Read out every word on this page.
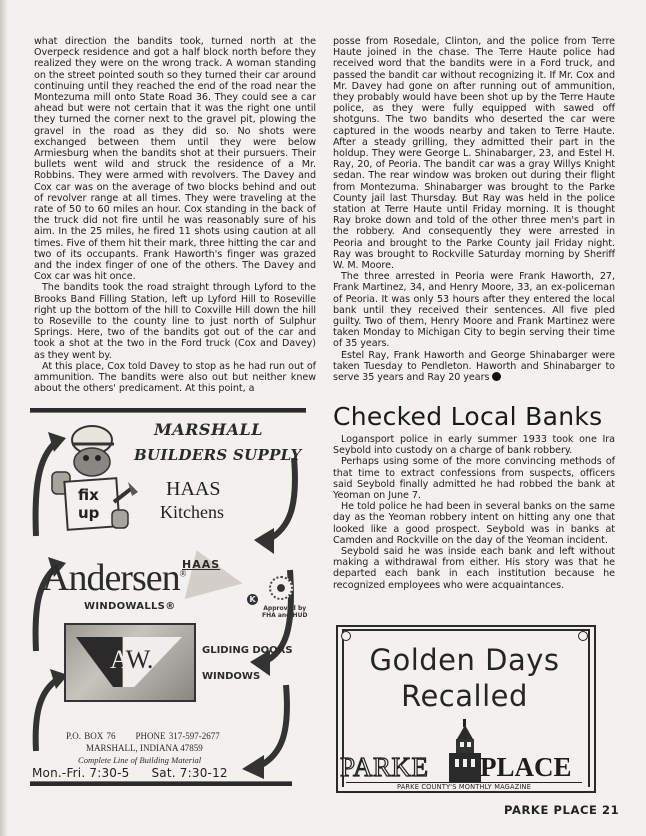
what direction the bandits took, turned north at the Overpeck residence and got a half block north before they realized they were on the wrong track. A woman standing on the street pointed south so they turned their car around continuing until they reached the end of the road near the Montezuma mill onto State Road 36. They could see a car ahead but were not certain that it was the right one until they turned the corner next to the gravel pit, plowing the gravel in the road as they did so. No shots were exchanged between them until they were below Armiesburg when the bandits shot at their pursuers. Their bullets went wild and struck the residence of a Mr. Robbins. They were armed with revolvers. The Davey and Cox car was on the average of two blocks behind and out of revolver range at all times. They were traveling at the rate of 50 to 60 miles an hour. Cox standing in the back of the truck did not fire until he was reasonably sure of his aim. In the 25 miles, he fired 11 shots using caution at all times. Five of them hit their mark, three hitting the car and two of its occupants. Frank Haworth's finger was grazed and the index finger of one of the others. The Davey and Cox car was hit once.

The bandits took the road straight through Lyford to the Brooks Band Filling Station, left up Lyford Hill to Roseville right up the bottom of the hill to Coxville Hill down the hill to Roseville to the county line to just north of Sulphur Springs. Here, two of the bandits got out of the car and took a shot at the two in the Ford truck (Cox and Davey) as they went by.

At this place, Cox told Davey to stop as he had run out of ammunition. The bandits were also out but neither knew about the others' predicament. At this point, a

posse from Rosedale, Clinton, and the police from Terre Haute joined in the chase. The Terre Haute police had received word that the bandits were in a Ford truck, and passed the bandit car without recognizing it. If Mr. Cox and Mr. Davey had gone on after running out of ammunition, they probably would have been shot up by the Terre Haute police, as they were fully equipped with sawed off shotguns. The two bandits who deserted the car were captured in the woods nearby and taken to Terre Haute. After a steady grilling, they admitted their part in the holdup. They were George L. Shinabarger, 23, and Estel H. Ray, 20, of Peoria. The bandit car was a gray Willys Knight sedan. The rear window was broken out during their flight from Montezuma. Shinabarger was brought to the Parke County jail last Thursday. But Ray was held in the police station at Terre Haute until Friday morning. It is thought Ray broke down and told of the other three men's part in the robbery. And consequently they were arrested in Peoria and brought to the Parke County jail Friday night. Ray was brought to Rockville Saturday morning by Sheriff W. M. Moore.

The three arrested in Peoria were Frank Haworth, 27, Frank Martinez, 34, and Henry Moore, 33, an ex-policeman of Peoria. It was only 53 hours after they entered the local bank until they received their sentences. All five pled guilty. Two of them, Henry Moore and Frank Martinez were taken Monday to Michigan City to begin serving their time of 35 years.

Estel Ray, Frank Haworth and George Shinabarger were taken Tuesday to Pendleton. Haworth and Shinabarger to serve 35 years and Ray 20 years

Checked Local Banks

Logansport police in early summer 1933 took one Ira Seybold into custody on a charge of bank robbery.

Perhaps using some of the more convincing methods of that time to extract confessions from suspects, officers said Seybold finally admitted he had robbed the bank at Yeoman on June 7.

He told police he had been in several banks on the same day as the Yeoman robbery intent on hitting any one that looked like a good prospect. Seybold was in banks at Camden and Rockville on the day of the Yeoman incident.

Seybold said he was inside each bank and left without making a withdrawal from either. His story was that he departed each bank in each institution because he recognized employees who were acquaintances.

fix
up
MARSHALL
BUILDERS SUPPLY
HAAS
Kitchens
HAAS
K
Approved by
FHA and HUD
Andersen®
WINDOWALLS®
AW.	GLIDING DOORS
WINDOWS
P.O. BOX 76 PHONE 317-597-2677
MARSHALL, INDIANA 47859
Complete Line of Building Material
Mon.-Fri. 7:30-5 Sat. 7:30-12
Golden Days
Recalled
PARKE PLACE
PARKE COUNTY'S MONTHLY MAGAZINE
PARKE PLACE 21
